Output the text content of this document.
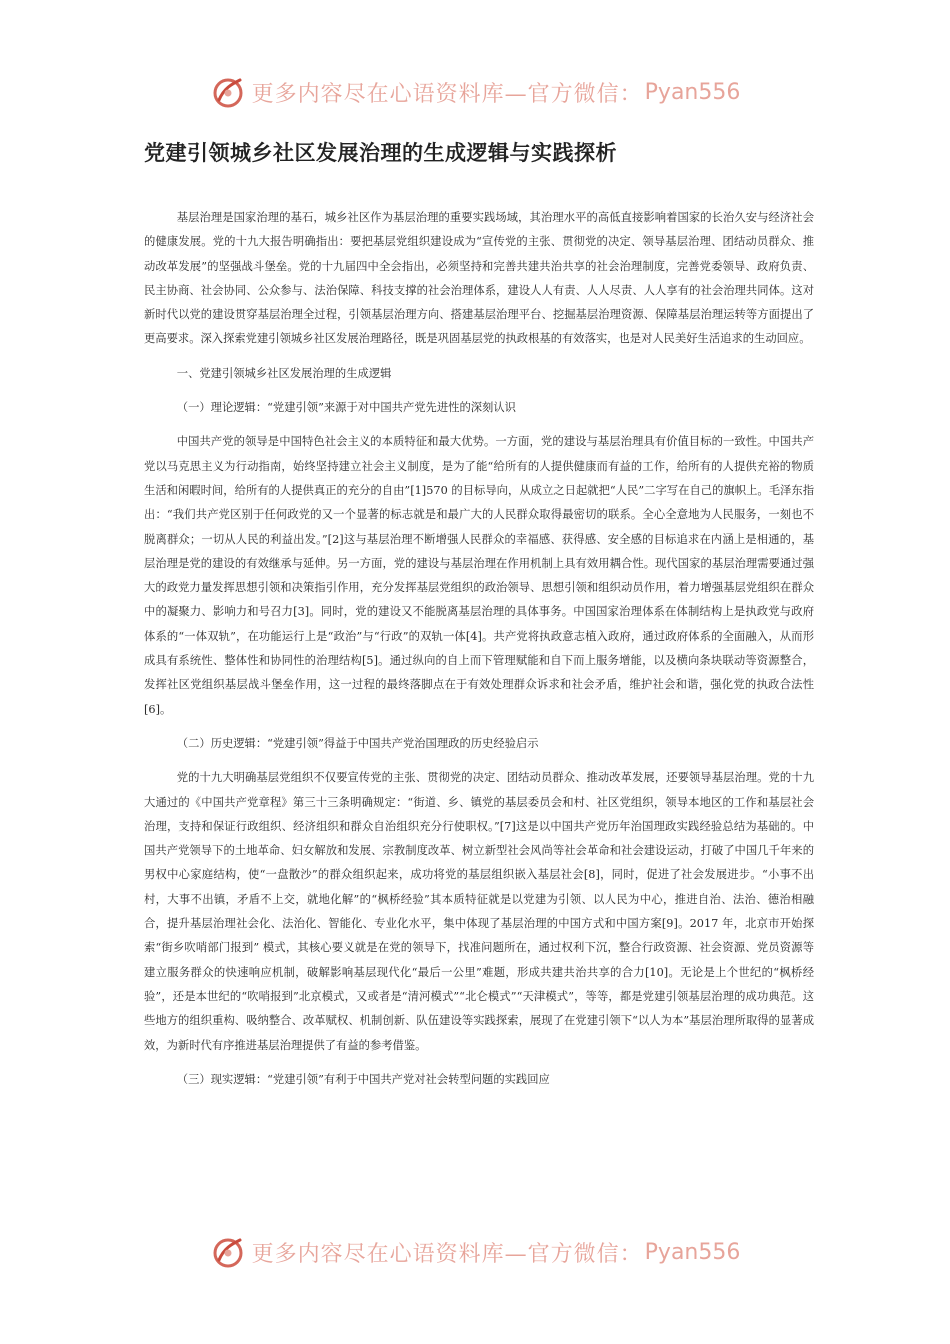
更多内容尽在心语资料库—官方微信： Pyan556
党建引领城乡社区发展治理的生成逻辑与实践探析

基层治理是国家治理的基石，城乡社区作为基层治理的重要实践场域，其治理水平的高低直接影响着国家的长治久安与经济社会的健康发展。党的十九大报告明确指出：要把基层党组织建设成为“宣传党的主张、贯彻党的决定、领导基层治理、团结动员群众、推动改革发展”的坚强战斗堡垒。党的十九届四中全会指出，必须坚持和完善共建共治共享的社会治理制度，完善党委领导、政府负责、民主协商、社会协同、公众参与、法治保障、科技支撑的社会治理体系，建设人人有责、人人尽责、人人享有的社会治理共同体。这对新时代以党的建设贯穿基层治理全过程，引领基层治理方向、搭建基层治理平台、挖掘基层治理资源、保障基层治理运转等方面提出了更高要求。深入探索党建引领城乡社区发展治理路径，既是巩固基层党的执政根基的有效落实，也是对人民美好生活追求的生动回应。

一、党建引领城乡社区发展治理的生成逻辑

（一）理论逻辑：“党建引领”来源于对中国共产党先进性的深刻认识

中国共产党的领导是中国特色社会主义的本质特征和最大优势。一方面，党的建设与基层治理具有价值目标的一致性。中国共产党以马克思主义为行动指南，始终坚持建立社会主义制度，是为了能“给所有的人提供健康而有益的工作，给所有的人提供充裕的物质生活和闲暇时间，给所有的人提供真正的充分的自由”[1]570 的目标导向，从成立之日起就把“人民”二字写在自己的旗帜上。毛泽东指出：“我们共产党区别于任何政党的又一个显著的标志就是和最广大的人民群众取得最密切的联系。全心全意地为人民服务，一刻也不脱离群众；一切从人民的利益出发。”[2]这与基层治理不断增强人民群众的幸福感、获得感、安全感的目标追求在内涵上是相通的，基层治理是党的建设的有效继承与延伸。另一方面，党的建设与基层治理在作用机制上具有效用耦合性。现代国家的基层治理需要通过强大的政党力量发挥思想引领和决策指引作用，充分发挥基层党组织的政治领导、思想引领和组织动员作用，着力增强基层党组织在群众中的凝聚力、影响力和号召力[3]。同时，党的建设又不能脱离基层治理的具体事务。中国国家治理体系在体制结构上是执政党与政府体系的“一体双轨”，在功能运行上是“政治”与“行政”的双轨一体[4]。共产党将执政意志植入政府，通过政府体系的全面融入，从而形成具有系统性、整体性和协同性的治理结构[5]。通过纵向的自上而下管理赋能和自下而上服务增能，以及横向条块联动等资源整合，发挥社区党组织基层战斗堡垒作用，这一过程的最终落脚点在于有效处理群众诉求和社会矛盾，维护社会和谐，强化党的执政合法性[6]。

（二）历史逻辑：“党建引领”得益于中国共产党治国理政的历史经验启示

党的十九大明确基层党组织不仅要宣传党的主张、贯彻党的决定、团结动员群众、推动改革发展，还要领导基层治理。党的十九大通过的《中国共产党章程》第三十三条明确规定：“街道、乡、镇党的基层委员会和村、社区党组织，领导本地区的工作和基层社会治理，支持和保证行政组织、经济组织和群众自治组织充分行使职权。”[7]这是以中国共产党历年治国理政实践经验总结为基础的。中国共产党领导下的土地革命、妇女解放和发展、宗教制度改革、树立新型社会风尚等社会革命和社会建设运动，打破了中国几千年来的男权中心家庭结构，使“一盘散沙”的群众组织起来，成功将党的基层组织嵌入基层社会[8]，同时，促进了社会发展进步。“小事不出村，大事不出镇，矛盾不上交，就地化解”的“枫桥经验”其本质特征就是以党建为引领、以人民为中心，推进自治、法治、德治相融合，提升基层治理社会化、法治化、智能化、专业化水平，集中体现了基层治理的中国方式和中国方案[9]。2017 年，北京市开始探索“街乡吹哨部门报到” 模式，其核心要义就是在党的领导下，找准问题所在，通过权利下沉，整合行政资源、社会资源、党员资源等建立服务群众的快速响应机制，破解影响基层现代化“最后一公里”难题，形成共建共治共享的合力[10]。无论是上个世纪的“枫桥经验”，还是本世纪的“吹哨报到”北京模式，又或者是“清河模式”“北仑模式”“天津模式”，等等，都是党建引领基层治理的成功典范。这些地方的组织重构、吸纳整合、改革赋权、机制创新、队伍建设等实践探索，展现了在党建引领下“以人为本”基层治理所取得的显著成效，为新时代有序推进基层治理提供了有益的参考借鉴。

（三）现实逻辑：“党建引领”有利于中国共产党对社会转型问题的实践回应

更多内容尽在心语资料库—官方微信： Pyan556
